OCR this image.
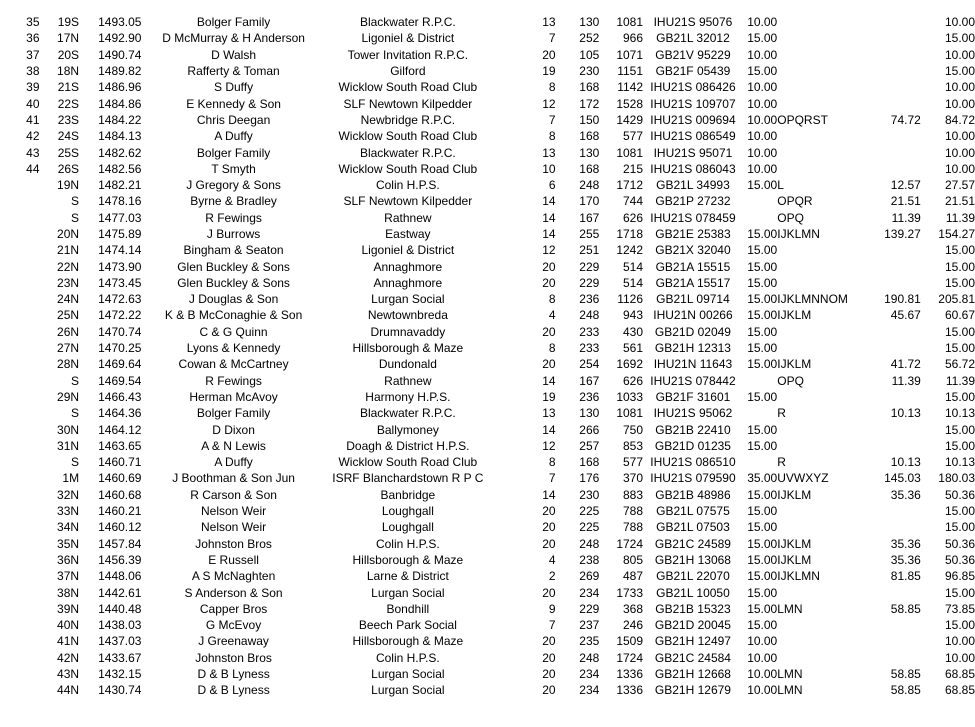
35	19S	1493.05	Bolger Family	Blackwater R.P.C.	13	130	1081	IHU21S 95076	10.00			10.00
36	17N	1492.90	D McMurray & H Anderson	Ligoniel & District	7	252	966	GB21L 32012	15.00			15.00
37	20S	1490.74	D Walsh	Tower Invitation R.P.C.	20	105	1071	GB21V 95229	10.00			10.00
38	18N	1489.82	Rafferty & Toman	Gilford	19	230	1151	GB21F 05439	15.00			15.00
39	21S	1486.96	S Duffy	Wicklow South Road Club	8	168	1142	IHU21S 086426	10.00			10.00
40	22S	1484.86	E Kennedy & Son	SLF Newtown Kilpedder	12	172	1528	IHU21S 109707	10.00			10.00
41	23S	1484.22	Chris Deegan	Newbridge R.P.C.	7	150	1429	IHU21S 009694	10.00	OPQRST	74.72	84.72
42	24S	1484.13	A Duffy	Wicklow South Road Club	8	168	577	IHU21S 086549	10.00			10.00
43	25S	1482.62	Bolger Family	Blackwater R.P.C.	13	130	1081	IHU21S 95071	10.00			10.00
44	26S	1482.56	T Smyth	Wicklow South Road Club	10	168	215	IHU21S 086043	10.00			10.00
	19N	1482.21	J Gregory & Sons	Colin H.P.S.	6	248	1712	GB21L 34993	15.00	L	12.57	27.57
	S	1478.16	Byrne & Bradley	SLF Newtown Kilpedder	14	170	744	GB21P 27232		OPQR	21.51	21.51
	S	1477.03	R Fewings	Rathnew	14	167	626	IHU21S 078459		OPQ	11.39	11.39
	20N	1475.89	J Burrows	Eastway	14	255	1718	GB21E 25383	15.00	IJKLMN	139.27	154.27
	21N	1474.14	Bingham & Seaton	Ligoniel & District	12	251	1242	GB21X 32040	15.00			15.00
	22N	1473.90	Glen Buckley & Sons	Annaghmore	20	229	514	GB21A 15515	15.00			15.00
	23N	1473.45	Glen Buckley & Sons	Annaghmore	20	229	514	GB21A 15517	15.00			15.00
	24N	1472.63	J Douglas & Son	Lurgan Social	8	236	1126	GB21L 09714	15.00	IJKLMNNOM	190.81	205.81
	25N	1472.22	K & B McConaghie & Son	Newtownbreda	4	248	943	IHU21N 00266	15.00	IJKLM	45.67	60.67
	26N	1470.74	C & G Quinn	Drumnavaddy	20	233	430	GB21D 02049	15.00			15.00
	27N	1470.25	Lyons & Kennedy	Hillsborough & Maze	8	233	561	GB21H 12313	15.00			15.00
	28N	1469.64	Cowan & McCartney	Dundonald	20	254	1692	IHU21N 11643	15.00	IJKLM	41.72	56.72
	S	1469.54	R Fewings	Rathnew	14	167	626	IHU21S 078442		OPQ	11.39	11.39
	29N	1466.43	Herman McAvoy	Harmony H.P.S.	19	236	1033	GB21F 31601	15.00			15.00
	S	1464.36	Bolger Family	Blackwater R.P.C.	13	130	1081	IHU21S 95062		R	10.13	10.13
	30N	1464.12	D Dixon	Ballymoney	14	266	750	GB21B 22410	15.00			15.00
	31N	1463.65	A & N Lewis	Doagh & District H.P.S.	12	257	853	GB21D 01235	15.00			15.00
	S	1460.71	A Duffy	Wicklow South Road Club	8	168	577	IHU21S 086510		R	10.13	10.13
	1M	1460.69	J Boothman & Son Jun	ISRF Blanchardstown R P C	7	176	370	IHU21S 079590	35.00	UVWXYZ	145.03	180.03
	32N	1460.68	R Carson & Son	Banbridge	14	230	883	GB21B 48986	15.00	IJKLM	35.36	50.36
	33N	1460.21	Nelson Weir	Loughgall	20	225	788	GB21L 07575	15.00			15.00
	34N	1460.12	Nelson Weir	Loughgall	20	225	788	GB21L 07503	15.00			15.00
	35N	1457.84	Johnston Bros	Colin H.P.S.	20	248	1724	GB21C 24589	15.00	IJKLM	35.36	50.36
	36N	1456.39	E Russell	Hillsborough & Maze	4	238	805	GB21H 13068	15.00	IJKLM	35.36	50.36
	37N	1448.06	A S McNaghten	Larne & District	2	269	487	GB21L 22070	15.00	IJKLMN	81.85	96.85
	38N	1442.61	S Anderson & Son	Lurgan Social	20	234	1733	GB21L 10050	15.00			15.00
	39N	1440.48	Capper Bros	Bondhill	9	229	368	GB21B 15323	15.00	LMN	58.85	73.85
	40N	1438.03	G McEvoy	Beech Park Social	7	237	246	GB21D 20045	15.00			15.00
	41N	1437.03	J Greenaway	Hillsborough & Maze	20	235	1509	GB21H 12497	10.00			10.00
	42N	1433.67	Johnston Bros	Colin H.P.S.	20	248	1724	GB21C 24584	10.00			10.00
	43N	1432.15	D & B Lyness	Lurgan Social	20	234	1336	GB21H 12668	10.00	LMN	58.85	68.85
	44N	1430.74	D & B Lyness	Lurgan Social	20	234	1336	GB21H 12679	10.00	LMN	58.85	68.85
